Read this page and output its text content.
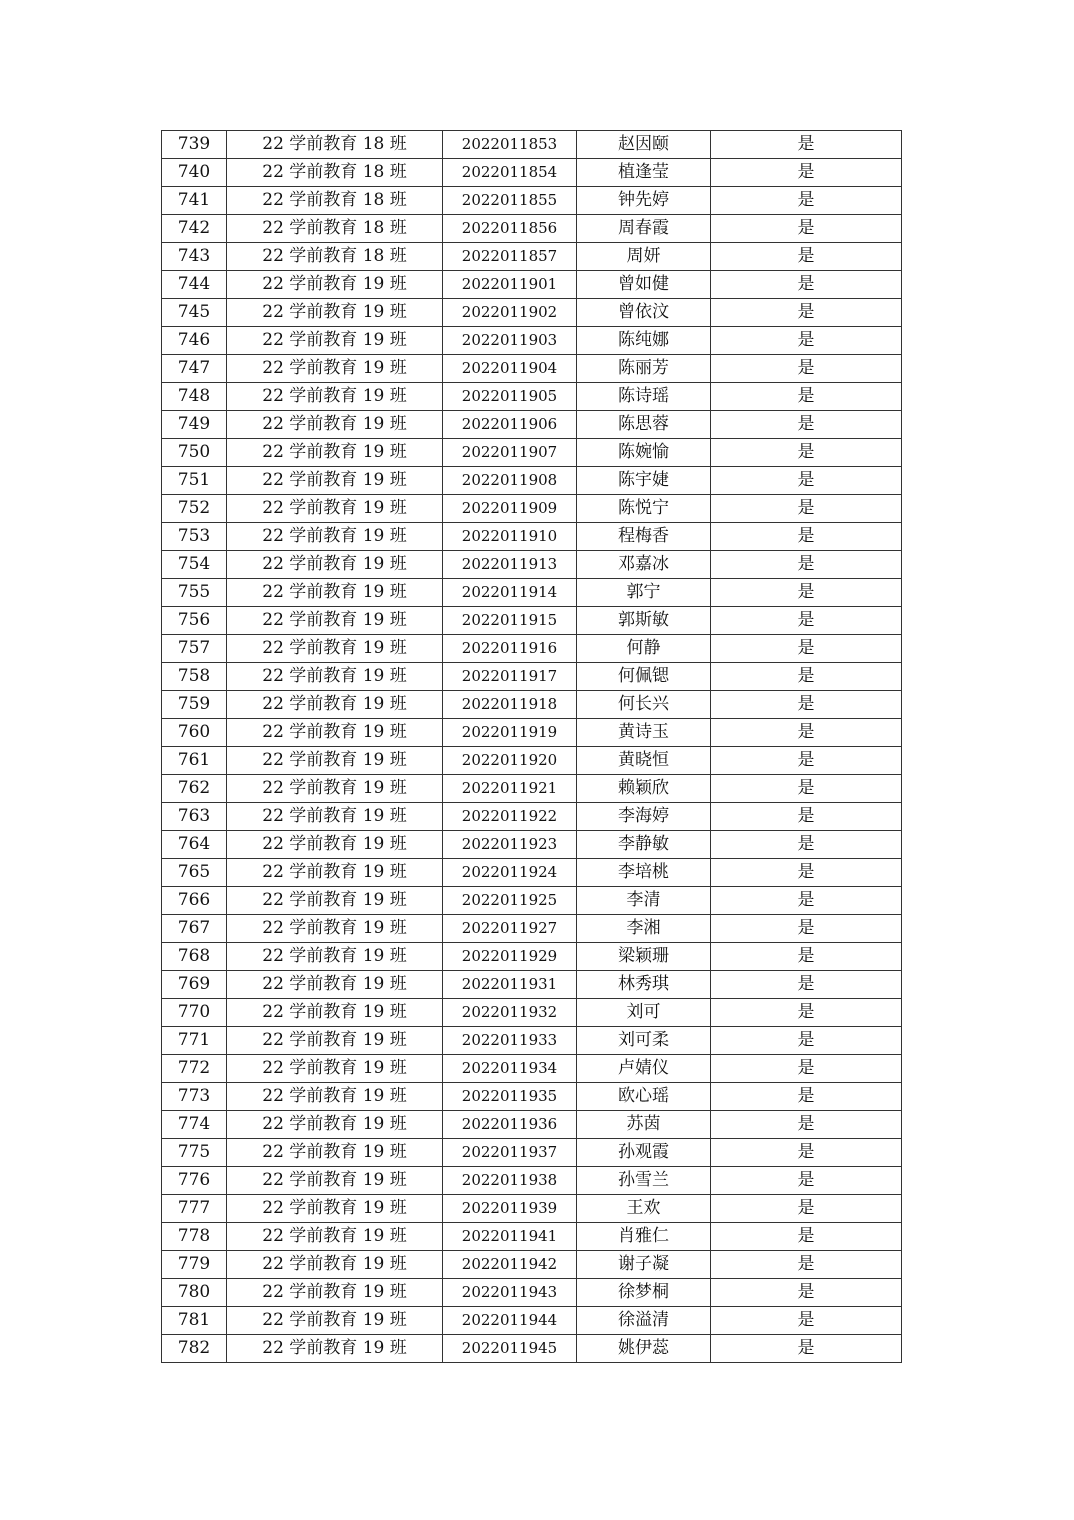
739	22 学前教育 18 班	2022011853	赵因颐	是
740	22 学前教育 18 班	2022011854	植逢莹	是
741	22 学前教育 18 班	2022011855	钟先婷	是
742	22 学前教育 18 班	2022011856	周春霞	是
743	22 学前教育 18 班	2022011857	周妍	是
744	22 学前教育 19 班	2022011901	曾如健	是
745	22 学前教育 19 班	2022011902	曾依汶	是
746	22 学前教育 19 班	2022011903	陈纯娜	是
747	22 学前教育 19 班	2022011904	陈丽芳	是
748	22 学前教育 19 班	2022011905	陈诗瑶	是
749	22 学前教育 19 班	2022011906	陈思蓉	是
750	22 学前教育 19 班	2022011907	陈婉愉	是
751	22 学前教育 19 班	2022011908	陈宇婕	是
752	22 学前教育 19 班	2022011909	陈悦宁	是
753	22 学前教育 19 班	2022011910	程梅香	是
754	22 学前教育 19 班	2022011913	邓嘉冰	是
755	22 学前教育 19 班	2022011914	郭宁	是
756	22 学前教育 19 班	2022011915	郭斯敏	是
757	22 学前教育 19 班	2022011916	何静	是
758	22 学前教育 19 班	2022011917	何佩锶	是
759	22 学前教育 19 班	2022011918	何长兴	是
760	22 学前教育 19 班	2022011919	黄诗玉	是
761	22 学前教育 19 班	2022011920	黄晓恒	是
762	22 学前教育 19 班	2022011921	赖颖欣	是
763	22 学前教育 19 班	2022011922	李海婷	是
764	22 学前教育 19 班	2022011923	李静敏	是
765	22 学前教育 19 班	2022011924	李培桃	是
766	22 学前教育 19 班	2022011925	李清	是
767	22 学前教育 19 班	2022011927	李湘	是
768	22 学前教育 19 班	2022011929	梁颖珊	是
769	22 学前教育 19 班	2022011931	林秀琪	是
770	22 学前教育 19 班	2022011932	刘可	是
771	22 学前教育 19 班	2022011933	刘可柔	是
772	22 学前教育 19 班	2022011934	卢婧仪	是
773	22 学前教育 19 班	2022011935	欧心瑶	是
774	22 学前教育 19 班	2022011936	苏茵	是
775	22 学前教育 19 班	2022011937	孙观霞	是
776	22 学前教育 19 班	2022011938	孙雪兰	是
777	22 学前教育 19 班	2022011939	王欢	是
778	22 学前教育 19 班	2022011941	肖雅仁	是
779	22 学前教育 19 班	2022011942	谢子凝	是
780	22 学前教育 19 班	2022011943	徐梦桐	是
781	22 学前教育 19 班	2022011944	徐溢清	是
782	22 学前教育 19 班	2022011945	姚伊蕊	是
